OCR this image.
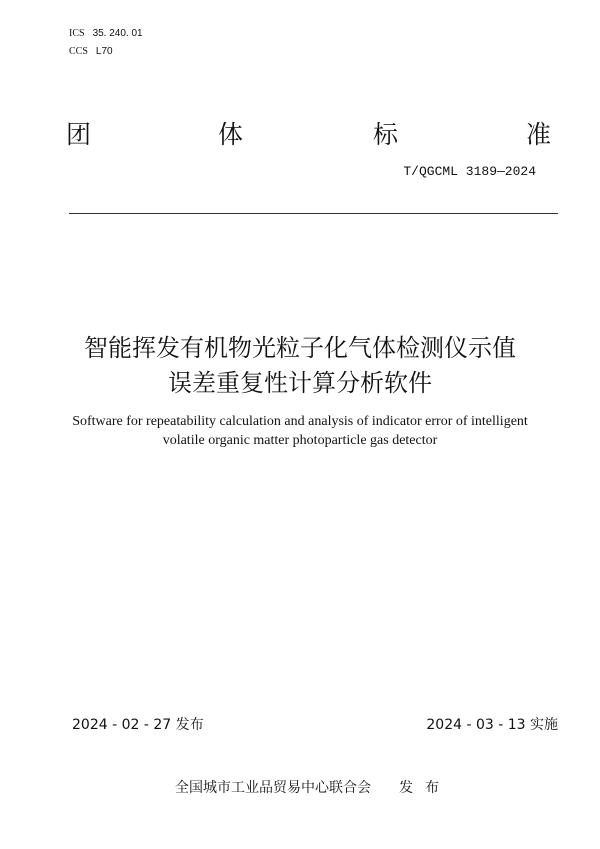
ICS 35. 240. 01
CCS L70
团	体	标	准
T/QGCML 3189—2024
智能挥发有机物光粒子化气体检测仪示值
误差重复性计算分析软件
Software for repeatability calculation and analysis of indicator error of intelligent
volatile organic matter photoparticle gas detector
2024 - 02 - 27 发布	2024 - 03 - 13 实施
全国城市工业品贸易中心联合会 发布
